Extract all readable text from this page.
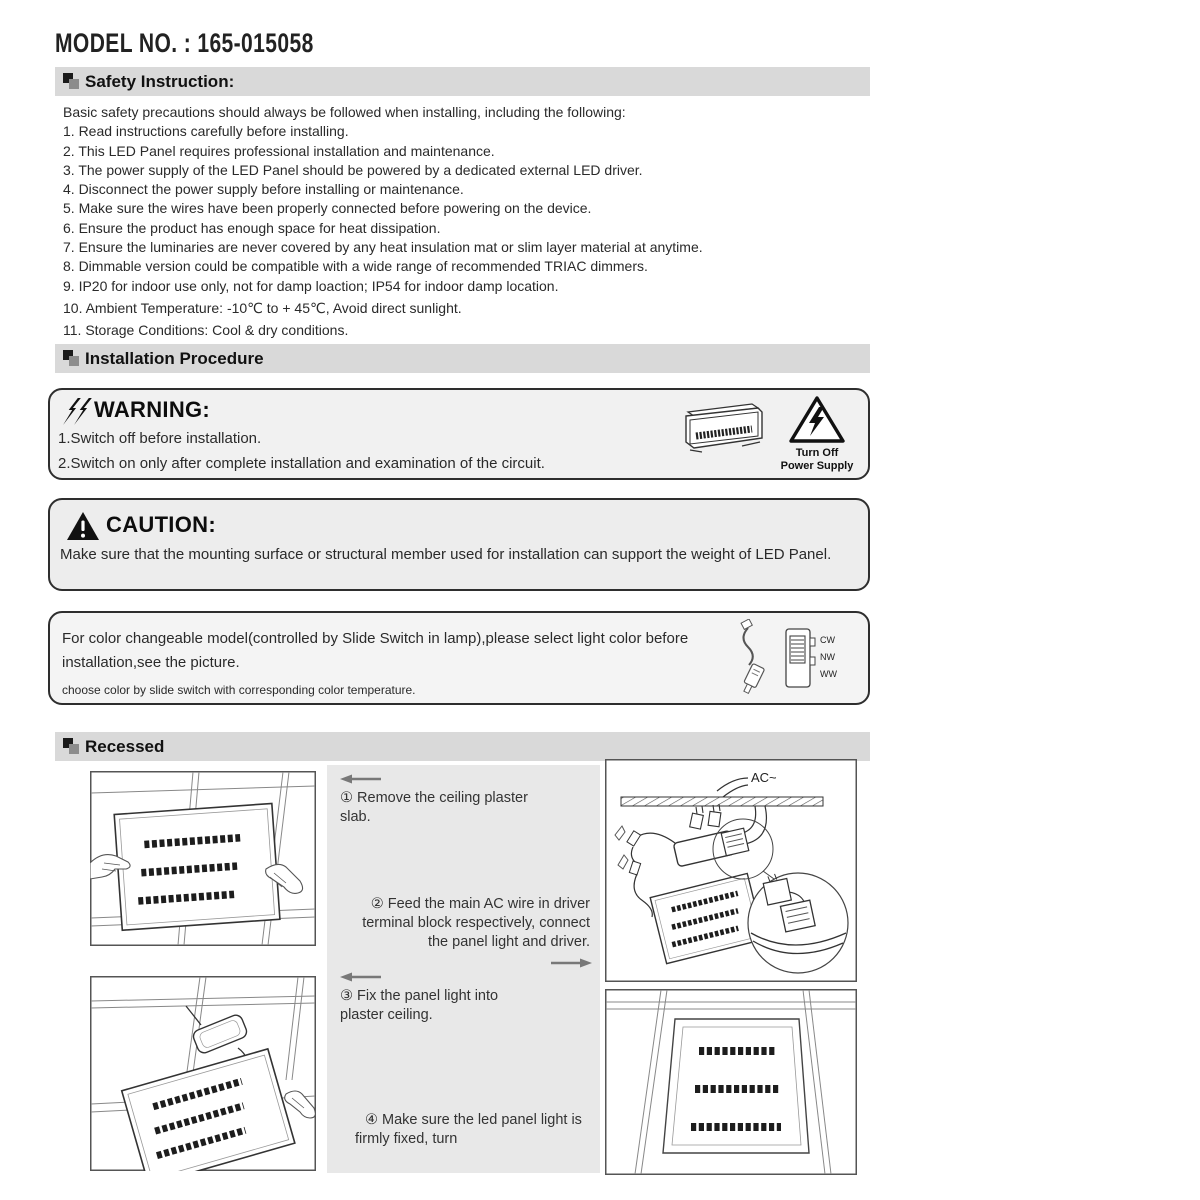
MODEL NO. : 165-015058
Safety Instruction:
Basic safety precautions should always be followed when installing, including the following:
1. Read instructions carefully before installing.
2. This LED Panel requires professional installation and maintenance.
3. The power supply of the LED Panel should be powered by a dedicated external LED driver.
4. Disconnect the power supply before installing or maintenance.
5. Make sure the wires have been properly connected before powering on the device.
6. Ensure the product has enough space for heat dissipation.
7. Ensure the luminaries are never covered by any heat insulation mat or slim layer material at anytime.
8. Dimmable version could be compatible with a wide range of recommended TRIAC dimmers.
9. IP20 for indoor use only, not for damp loaction; IP54 for indoor damp location.
10. Ambient Temperature: -10℃ to + 45℃, Avoid direct sunlight.
11. Storage Conditions: Cool & dry conditions.
Installation Procedure
WARNING:
1.Switch off before installation.
2.Switch on only after complete installation and examination of the circuit.
Turn Off
Power Supply
CAUTION:
Make sure that the mounting surface or structural member used for installation can support the weight of LED Panel.
For color changeable model(controlled by Slide Switch in lamp),please select light color before installation,see the picture.
choose color by slide switch with corresponding color temperature.
CW
NW
WW
Recessed
① Remove the ceiling plaster slab.
② Feed the main AC wire in driver terminal block respectively, connect the panel light and driver.
③ Fix the panel light into plaster ceiling.
④ Make sure the led panel light is firmly fixed, turn
AC~
